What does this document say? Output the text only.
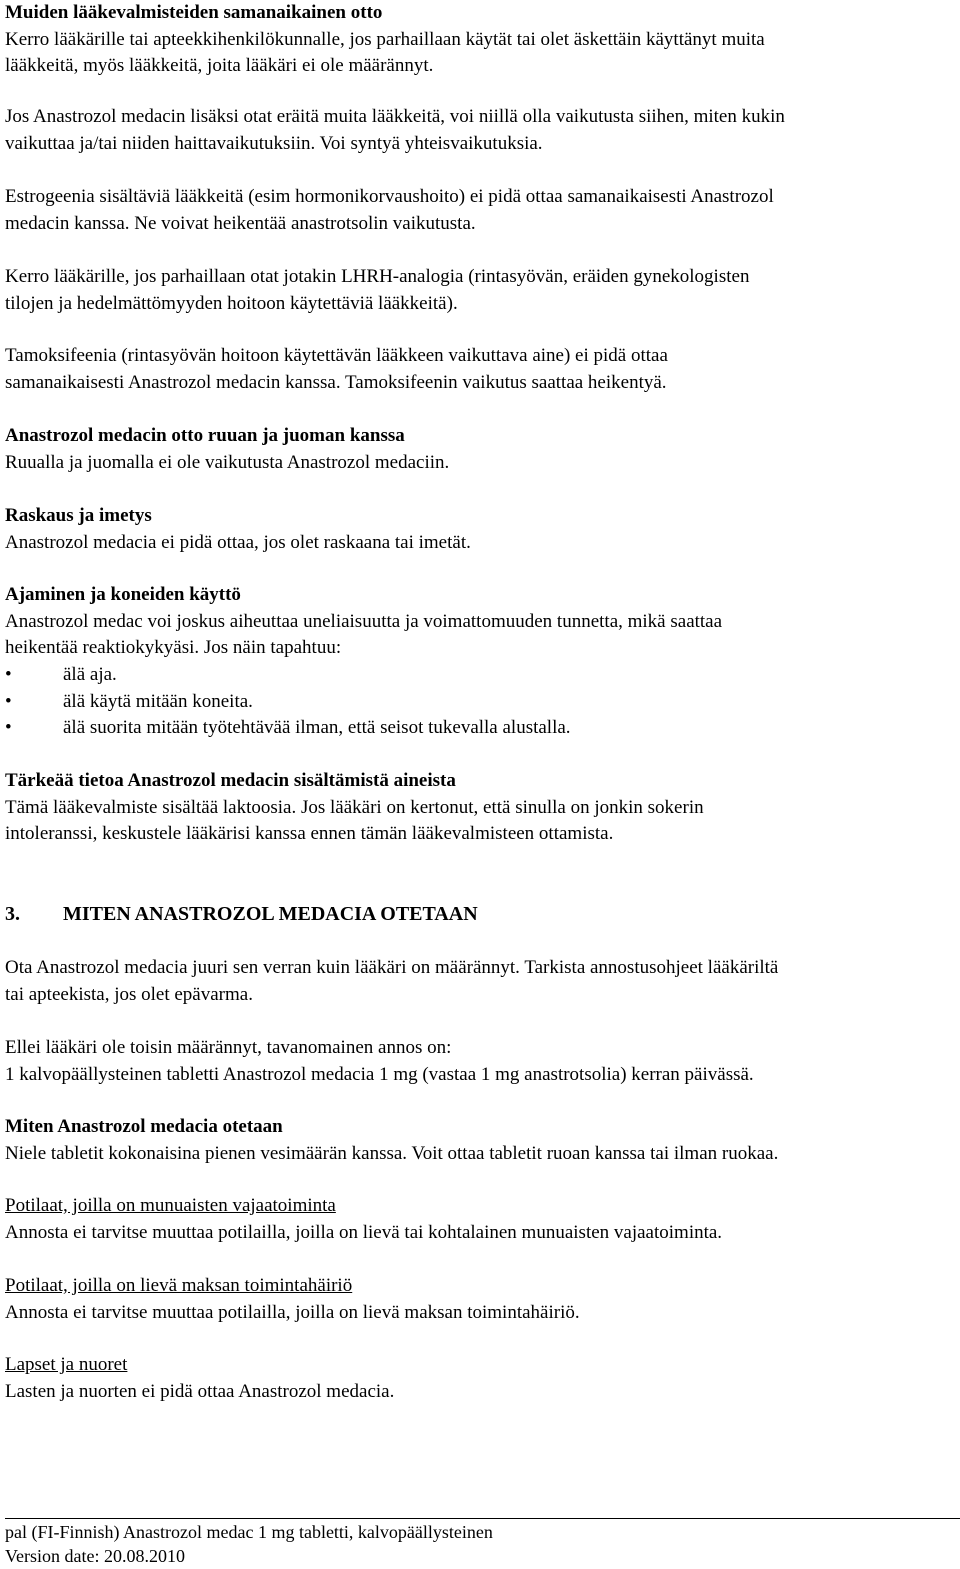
Muiden lääkevalmisteiden samanaikainen otto
Kerro lääkärille tai apteekkihenkilökunnalle, jos parhaillaan käytät tai olet äskettäin käyttänyt muita
lääkkeitä, myös lääkkeitä, joita lääkäri ei ole määrännyt.
Jos Anastrozol medacin lisäksi otat eräitä muita lääkkeitä, voi niillä olla vaikutusta siihen, miten kukin
vaikuttaa ja/tai niiden haittavaikutuksiin. Voi syntyä yhteisvaikutuksia.
Estrogeenia sisältäviä lääkkeitä (esim hormonikorvaushoito) ei pidä ottaa samanaikaisesti Anastrozol
medacin kanssa. Ne voivat heikentää anastrotsolin vaikutusta.
Kerro lääkärille, jos parhaillaan otat jotakin LHRH-analogia (rintasyövän, eräiden gynekologisten
tilojen ja hedelmättömyyden hoitoon käytettäviä lääkkeitä).
Tamoksifeenia (rintasyövän hoitoon käytettävän lääkkeen vaikuttava aine) ei pidä ottaa
samanaikaisesti Anastrozol medacin kanssa. Tamoksifeenin vaikutus saattaa heikentyä.
Anastrozol medacin otto ruuan ja juoman kanssa
Ruualla ja juomalla ei ole vaikutusta Anastrozol medaciin.
Raskaus ja imetys
Anastrozol medacia ei pidä ottaa, jos olet raskaana tai imetät.
Ajaminen ja koneiden käyttö
Anastrozol medac voi joskus aiheuttaa uneliaisuutta ja voimattomuuden tunnetta, mikä saattaa
heikentää reaktiokykyäsi. Jos näin tapahtuu:
•	älä aja.
•	älä käytä mitään koneita.
•	älä suorita mitään työtehtävää ilman, että seisot tukevalla alustalla.
Tärkeää tietoa Anastrozol medacin sisältämistä aineista
Tämä lääkevalmiste sisältää laktoosia. Jos lääkäri on kertonut, että sinulla on jonkin sokerin
intoleranssi, keskustele lääkärisi kanssa ennen tämän lääkevalmisteen ottamista.
3. MITEN ANASTROZOL MEDACIA OTETAAN
Ota Anastrozol medacia juuri sen verran kuin lääkäri on määrännyt. Tarkista annostusohjeet lääkäriltä
tai apteekista, jos olet epävarma.
Ellei lääkäri ole toisin määrännyt, tavanomainen annos on:
1 kalvopäällysteinen tabletti Anastrozol medacia 1 mg (vastaa 1 mg anastrotsolia) kerran päivässä.
Miten Anastrozol medacia otetaan
Niele tabletit kokonaisina pienen vesimäärän kanssa. Voit ottaa tabletit ruoan kanssa tai ilman ruokaa.
Potilaat, joilla on munuaisten vajaatoiminta
Annosta ei tarvitse muuttaa potilailla, joilla on lievä tai kohtalainen munuaisten vajaatoiminta.
Potilaat, joilla on lievä maksan toimintahäiriö
Annosta ei tarvitse muuttaa potilailla, joilla on lievä maksan toimintahäiriö.
Lapset ja nuoret
Lasten ja nuorten ei pidä ottaa Anastrozol medacia.
pal (FI-Finnish) Anastrozol medac 1 mg tabletti, kalvopäällysteinen
Version date: 20.08.2010
